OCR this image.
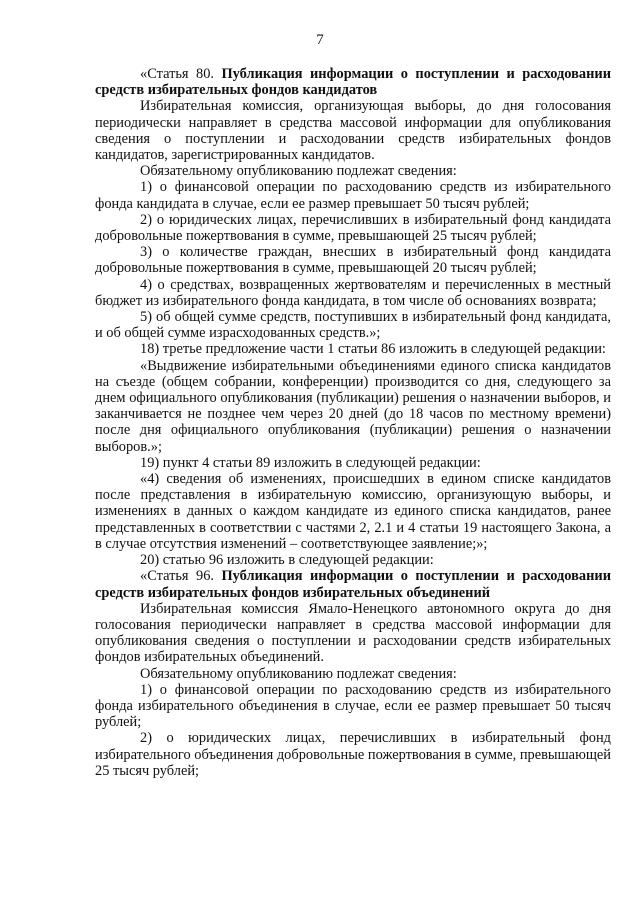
7

«Статья 80. Публикация информации о поступлении и расходовании средств избирательных фондов кандидатов

Избирательная комиссия, организующая выборы, до дня голосования периодически направляет в средства массовой информации для опубликования сведения о поступлении и расходовании средств избирательных фондов кандидатов, зарегистрированных кандидатов.

Обязательному опубликованию подлежат сведения:

1) о финансовой операции по расходованию средств из избирательного фонда кандидата в случае, если ее размер превышает 50 тысяч рублей;

2) о юридических лицах, перечисливших в избирательный фонд кандидата добровольные пожертвования в сумме, превышающей 25 тысяч рублей;

3) о количестве граждан, внесших в избирательный фонд кандидата добровольные пожертвования в сумме, превышающей 20 тысяч рублей;

4) о средствах, возвращенных жертвователям и перечисленных в местный бюджет из избирательного фонда кандидата, в том числе об основаниях возврата;

5) об общей сумме средств, поступивших в избирательный фонд кандидата, и об общей сумме израсходованных средств.»;

18) третье предложение части 1 статьи 86 изложить в следующей редакции:

«Выдвижение избирательными объединениями единого списка кандидатов на съезде (общем собрании, конференции) производится со дня, следующего за днем официального опубликования (публикации) решения о назначении выборов, и заканчивается не позднее чем через 20 дней (до 18 часов по местному времени) после дня официального опубликования (публикации) решения о назначении выборов.»;

19) пункт 4 статьи 89 изложить в следующей редакции:

«4) сведения об изменениях, происшедших в едином списке кандидатов после представления в избирательную комиссию, организующую выборы, и изменениях в данных о каждом кандидате из единого списка кандидатов, ранее представленных в соответствии с частями 2, 2.1 и 4 статьи 19 настоящего Закона, а в случае отсутствия изменений – соответствующее заявление;»;

20) статью 96 изложить в следующей редакции:

«Статья 96. Публикация информации о поступлении и расходовании средств избирательных фондов избирательных объединений

Избирательная комиссия Ямало-Ненецкого автономного округа до дня голосования периодически направляет в средства массовой информации для опубликования сведения о поступлении и расходовании средств избирательных фондов избирательных объединений.

Обязательному опубликованию подлежат сведения:

1) о финансовой операции по расходованию средств из избирательного фонда избирательного объединения в случае, если ее размер превышает 50 тысяч рублей;

2) о юридических лицах, перечисливших в избирательный фонд избирательного объединения добровольные пожертвования в сумме, превышающей 25 тысяч рублей;
